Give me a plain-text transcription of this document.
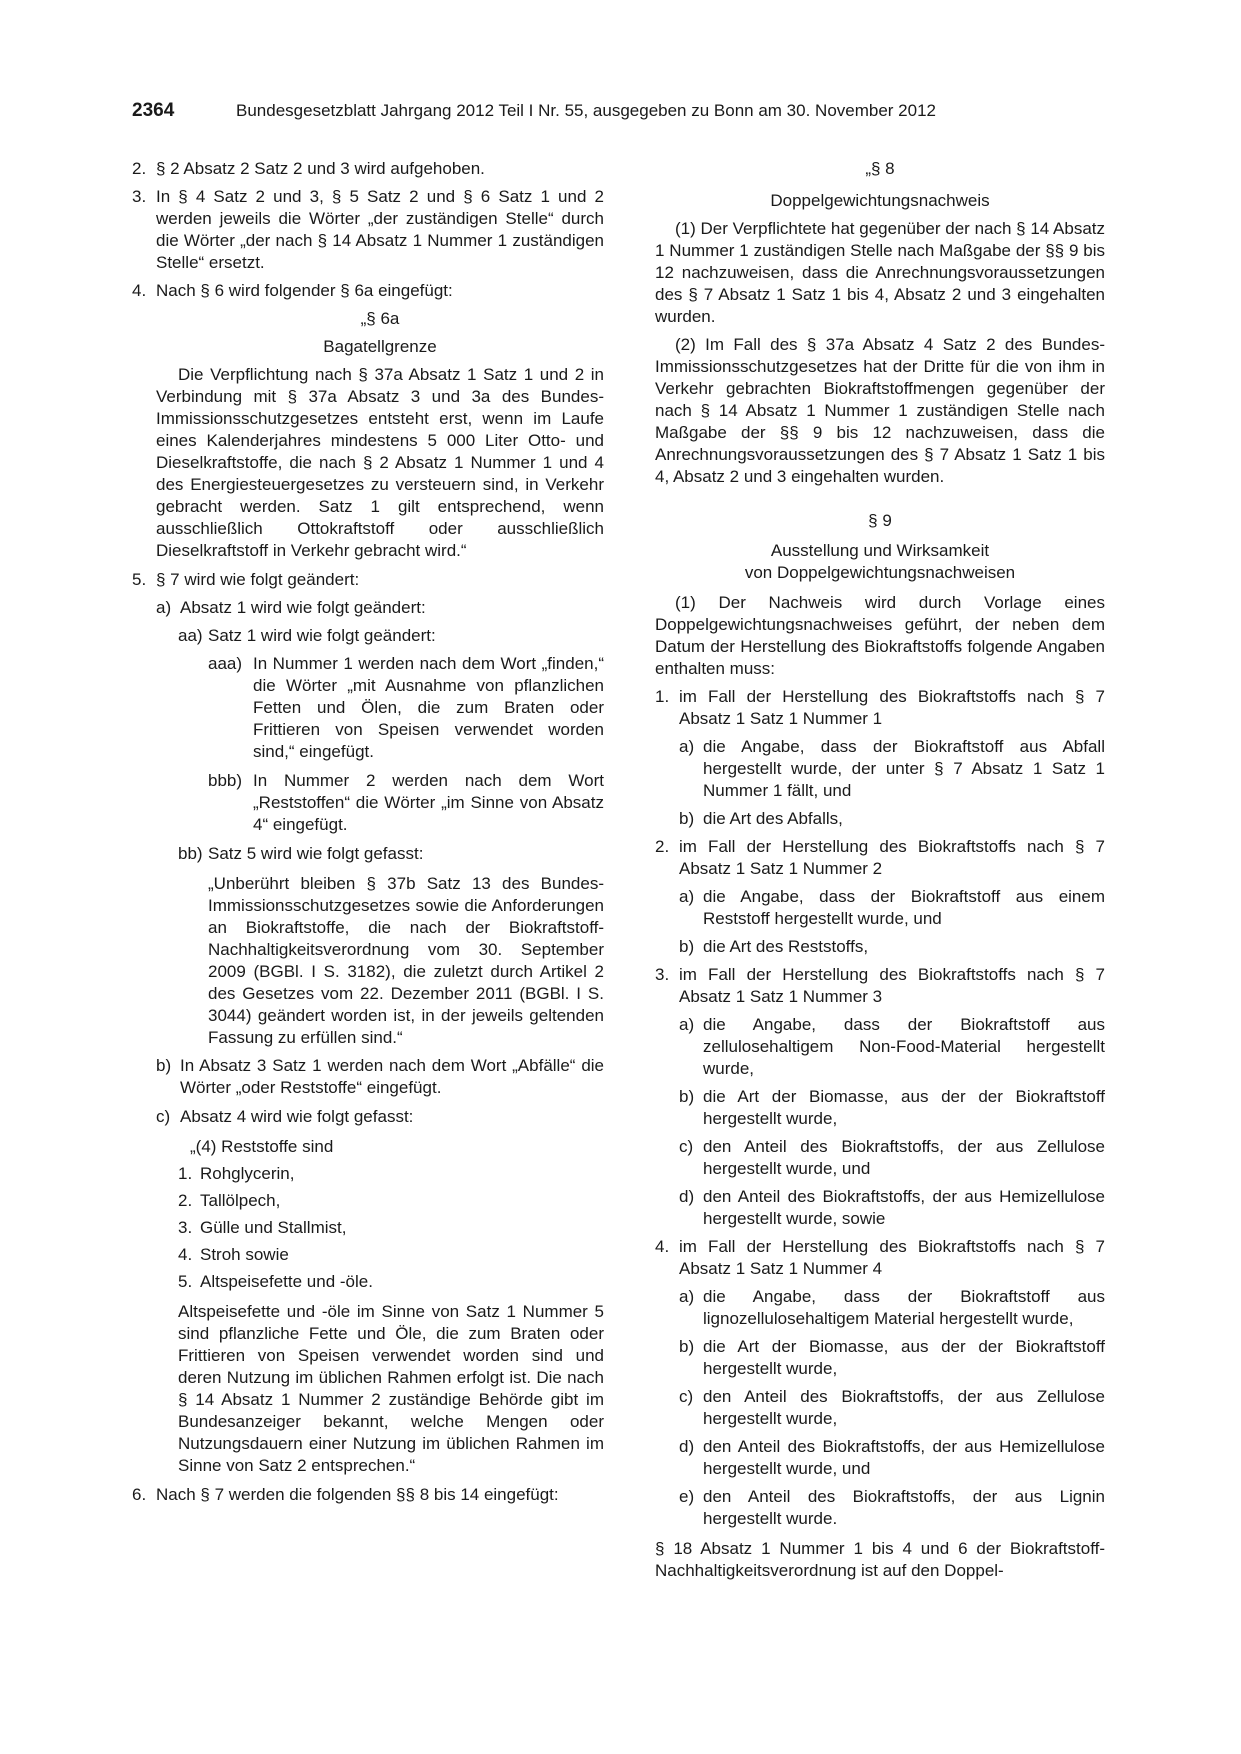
2364	Bundesgesetzblatt Jahrgang 2012 Teil I Nr. 55, ausgegeben zu Bonn am 30. November 2012
2. § 2 Absatz 2 Satz 2 und 3 wird aufgehoben.
3. In § 4 Satz 2 und 3, § 5 Satz 2 und § 6 Satz 1 und 2 werden jeweils die Wörter „der zuständigen Stelle“ durch die Wörter „der nach § 14 Absatz 1 Nummer 1 zuständigen Stelle“ ersetzt.
4. Nach § 6 wird folgender § 6a eingefügt:

„§ 6a

Bagatellgrenze

Die Verpflichtung nach § 37a Absatz 1 Satz 1 und 2 in Verbindung mit § 37a Absatz 3 und 3a des Bundes-Immissionsschutzgesetzes entsteht erst, wenn im Laufe eines Kalenderjahres mindestens 5 000 Liter Otto- und Dieselkraftstoffe, die nach § 2 Absatz 1 Nummer 1 und 4 des Energiesteuergesetzes zu versteuern sind, in Verkehr gebracht werden. Satz 1 gilt entsprechend, wenn ausschließlich Ottokraftstoff oder ausschließlich Dieselkraftstoff in Verkehr gebracht wird.“

5. § 7 wird wie folgt geändert:
a) Absatz 1 wird wie folgt geändert:
aa) Satz 1 wird wie folgt geändert:
aaa) In Nummer 1 werden nach dem Wort „finden,“ die Wörter „mit Ausnahme von pflanzlichen Fetten und Ölen, die zum Braten oder Frittieren von Speisen verwendet worden sind,“ eingefügt.
bbb) In Nummer 2 werden nach dem Wort „Reststoffen“ die Wörter „im Sinne von Absatz 4“ eingefügt.
bb) Satz 5 wird wie folgt gefasst:

„Unberührt bleiben § 37b Satz 13 des Bundes-Immissionsschutzgesetzes sowie die Anforderungen an Biokraftstoffe, die nach der Biokraftstoff-Nachhaltigkeitsverordnung vom 30. September 2009 (BGBl. I S. 3182), die zuletzt durch Artikel 2 des Gesetzes vom 22. Dezember 2011 (BGBl. I S. 3044) geändert worden ist, in der jeweils geltenden Fassung zu erfüllen sind.“

b) In Absatz 3 Satz 1 werden nach dem Wort „Abfälle“ die Wörter „oder Reststoffe“ eingefügt.
c) Absatz 4 wird wie folgt gefasst:

„(4) Reststoffe sind

1. Rohglycerin,
2. Tallölpech,
3. Gülle und Stallmist,
4. Stroh sowie
5. Altspeisefette und -öle.

Altspeisefette und -öle im Sinne von Satz 1 Nummer 5 sind pflanzliche Fette und Öle, die zum Braten oder Frittieren von Speisen verwendet worden sind und deren Nutzung im üblichen Rahmen erfolgt ist. Die nach § 14 Absatz 1 Nummer 2 zuständige Behörde gibt im Bundesanzeiger bekannt, welche Mengen oder Nutzungsdauern einer Nutzung im üblichen Rahmen im Sinne von Satz 2 entsprechen.“

6. Nach § 7 werden die folgenden §§ 8 bis 14 eingefügt:

„§ 8

Doppelgewichtungsnachweis

(1) Der Verpflichtete hat gegenüber der nach § 14 Absatz 1 Nummer 1 zuständigen Stelle nach Maßgabe der §§ 9 bis 12 nachzuweisen, dass die Anrechnungsvoraussetzungen des § 7 Absatz 1 Satz 1 bis 4, Absatz 2 und 3 eingehalten wurden.

(2) Im Fall des § 37a Absatz 4 Satz 2 des Bundes-Immissionsschutzgesetzes hat der Dritte für die von ihm in Verkehr gebrachten Biokraftstoffmengen gegenüber der nach § 14 Absatz 1 Nummer 1 zuständigen Stelle nach Maßgabe der §§ 9 bis 12 nachzuweisen, dass die Anrechnungsvoraussetzungen des § 7 Absatz 1 Satz 1 bis 4, Absatz 2 und 3 eingehalten wurden.

§ 9

Ausstellung und Wirksamkeit

von Doppelgewichtungsnachweisen

(1) Der Nachweis wird durch Vorlage eines Doppelgewichtungsnachweises geführt, der neben dem Datum der Herstellung des Biokraftstoffs folgende Angaben enthalten muss:

1. im Fall der Herstellung des Biokraftstoffs nach § 7 Absatz 1 Satz 1 Nummer 1
a) die Angabe, dass der Biokraftstoff aus Abfall hergestellt wurde, der unter § 7 Absatz 1 Satz 1 Nummer 1 fällt, und
b) die Art des Abfalls,
2. im Fall der Herstellung des Biokraftstoffs nach § 7 Absatz 1 Satz 1 Nummer 2
a) die Angabe, dass der Biokraftstoff aus einem Reststoff hergestellt wurde, und
b) die Art des Reststoffs,
3. im Fall der Herstellung des Biokraftstoffs nach § 7 Absatz 1 Satz 1 Nummer 3
a) die Angabe, dass der Biokraftstoff aus zellulosehaltigem Non-Food-Material hergestellt wurde,
b) die Art der Biomasse, aus der der Biokraftstoff hergestellt wurde,
c) den Anteil des Biokraftstoffs, der aus Zellulose hergestellt wurde, und
d) den Anteil des Biokraftstoffs, der aus Hemizellulose hergestellt wurde, sowie
4. im Fall der Herstellung des Biokraftstoffs nach § 7 Absatz 1 Satz 1 Nummer 4
a) die Angabe, dass der Biokraftstoff aus lignozellulosehaltigem Material hergestellt wurde,
b) die Art der Biomasse, aus der der Biokraftstoff hergestellt wurde,
c) den Anteil des Biokraftstoffs, der aus Zellulose hergestellt wurde,
d) den Anteil des Biokraftstoffs, der aus Hemizellulose hergestellt wurde, und
e) den Anteil des Biokraftstoffs, der aus Lignin hergestellt wurde.

§ 18 Absatz 1 Nummer 1 bis 4 und 6 der Biokraftstoff-Nachhaltigkeitsverordnung ist auf den Doppel-
